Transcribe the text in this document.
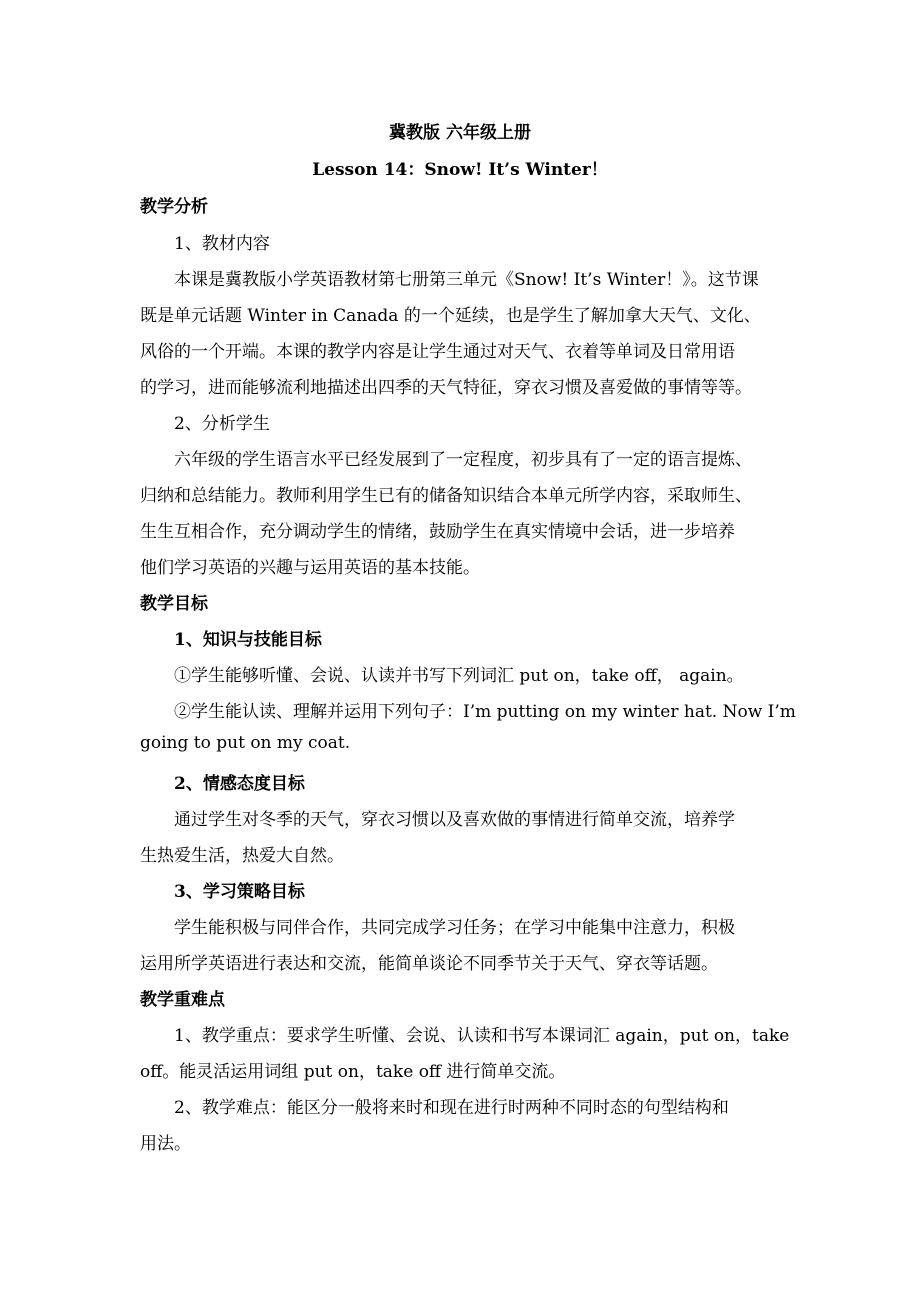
冀教版 六年级上册
Lesson 14：Snow! It’s Winter！
教学分析
1、教材内容
本课是冀教版小学英语教材第七册第三单元《Snow! It’s Winter！》。这节课
既是单元话题 Winter in Canada 的一个延续，也是学生了解加拿大天气、文化、
风俗的一个开端。本课的教学内容是让学生通过对天气、衣着等单词及日常用语
的学习，进而能够流利地描述出四季的天气特征，穿衣习惯及喜爱做的事情等等。
2、分析学生
六年级的学生语言水平已经发展到了一定程度，初步具有了一定的语言提炼、
归纳和总结能力。教师利用学生已有的储备知识结合本单元所学内容，采取师生、
生生互相合作，充分调动学生的情绪，鼓励学生在真实情境中会话，进一步培养
他们学习英语的兴趣与运用英语的基本技能。
教学目标
1、知识与技能目标
①学生能够听懂、会说、认读并书写下列词汇 put on，take off， again。
②学生能认读、理解并运用下列句子：I’m putting on my winter hat. Now I’m
going to put on my coat.
2、情感态度目标
通过学生对冬季的天气，穿衣习惯以及喜欢做的事情进行简单交流，培养学
生热爱生活，热爱大自然。
3、学习策略目标
学生能积极与同伴合作，共同完成学习任务；在学习中能集中注意力，积极
运用所学英语进行表达和交流，能简单谈论不同季节关于天气、穿衣等话题。
教学重难点
1、教学重点：要求学生听懂、会说、认读和书写本课词汇 again，put on，take
off。能灵活运用词组 put on，take off 进行简单交流。
2、教学难点：能区分一般将来时和现在进行时两种不同时态的句型结构和
用法。
